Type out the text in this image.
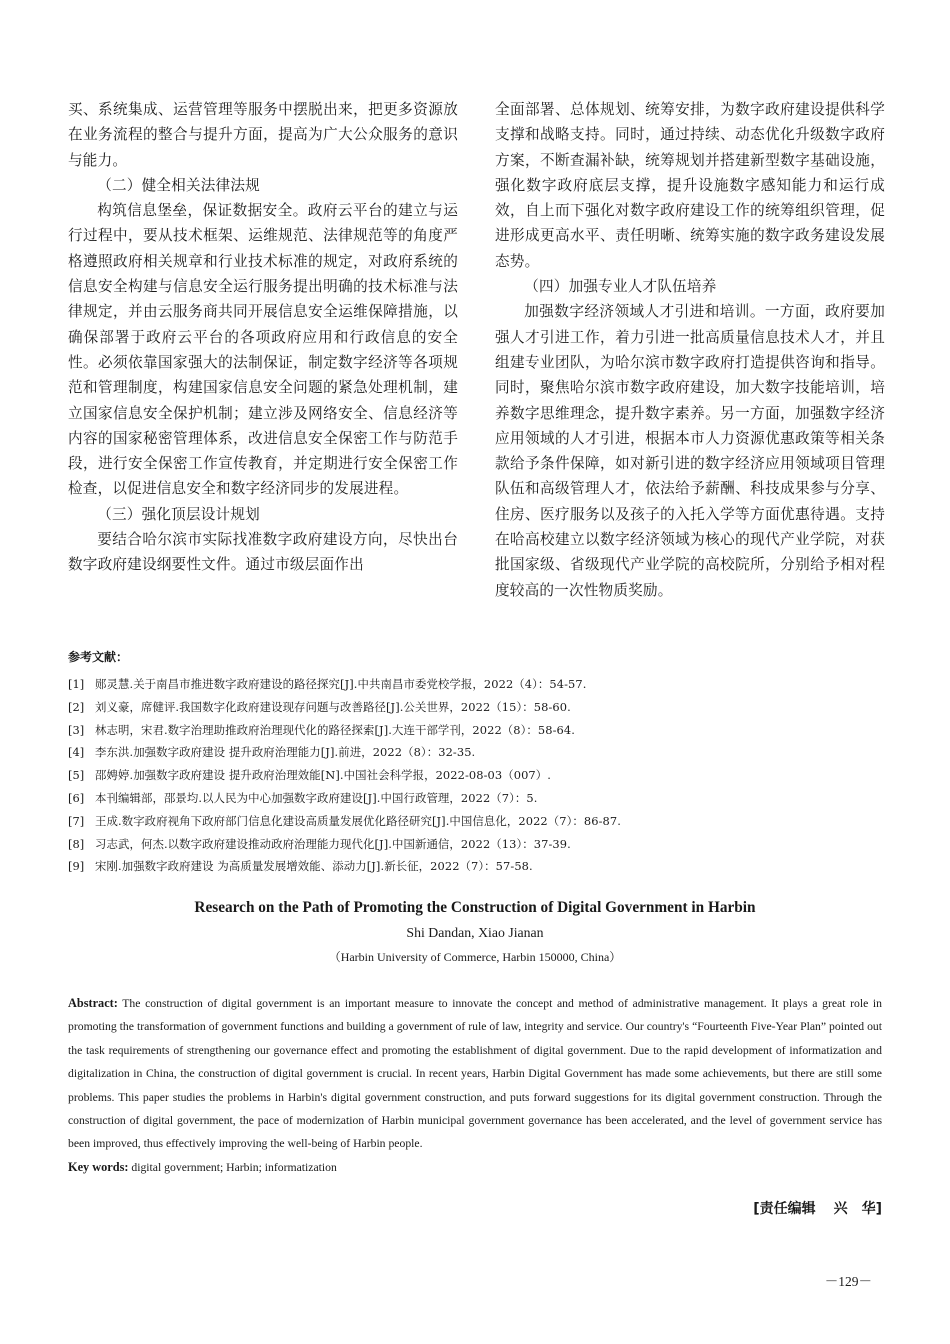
买、系统集成、运营管理等服务中摆脱出来，把更多资源放在业务流程的整合与提升方面，提高为广大公众服务的意识与能力。

（二）健全相关法律法规

构筑信息堡垒，保证数据安全。政府云平台的建立与运行过程中，要从技术框架、运维规范、法律规范等的角度严格遵照政府相关规章和行业技术标准的规定，对政府系统的信息安全构建与信息安全运行服务提出明确的技术标准与法律规定，并由云服务商共同开展信息安全运维保障措施，以确保部署于政府云平台的各项政府应用和行政信息的安全性。必须依靠国家强大的法制保证，制定数字经济等各项规范和管理制度，构建国家信息安全问题的紧急处理机制，建立国家信息安全保护机制；建立涉及网络安全、信息经济等内容的国家秘密管理体系，改进信息安全保密工作与防范手段，进行安全保密工作宣传教育，并定期进行安全保密工作检查，以促进信息安全和数字经济同步的发展进程。

（三）强化顶层设计规划

要结合哈尔滨市实际找准数字政府建设方向，尽快出台数字政府建设纲要性文件。通过市级层面作出

全面部署、总体规划、统筹安排，为数字政府建设提供科学支撑和战略支持。同时，通过持续、动态优化升级数字政府方案，不断查漏补缺，统筹规划并搭建新型数字基础设施，强化数字政府底层支撑，提升设施数字感知能力和运行成效，自上而下强化对数字政府建设工作的统筹组织管理，促进形成更高水平、责任明晰、统筹实施的数字政务建设发展态势。

（四）加强专业人才队伍培养

加强数字经济领域人才引进和培训。一方面，政府要加强人才引进工作，着力引进一批高质量信息技术人才，并且组建专业团队，为哈尔滨市数字政府打造提供咨询和指导。同时，聚焦哈尔滨市数字政府建设，加大数字技能培训，培养数字思维理念，提升数字素养。另一方面，加强数字经济应用领域的人才引进，根据本市人力资源优惠政策等相关条款给予条件保障，如对新引进的数字经济应用领域项目管理队伍和高级管理人才，依法给予薪酬、科技成果参与分享、住房、医疗服务以及孩子的入托入学等方面优惠待遇。支持在哈高校建立以数字经济领域为核心的现代产业学院，对获批国家级、省级现代产业学院的高校院所，分别给予相对程度较高的一次性物质奖励。

参考文献：
[1] 郧灵慧.关于南昌市推进数字政府建设的路径探究[J].中共南昌市委党校学报，2022（4）：54-57.
[2] 刘义豪，席健评.我国数字化政府建设现存问题与改善路径[J].公关世界，2022（15）：58-60.
[3] 林志明，宋君.数字治理助推政府治理现代化的路径探索[J].大连干部学刊，2022（8）：58-64.
[4] 李东洪.加强数字政府建设 提升政府治理能力[J].前进，2022（8）：32-35.
[5] 邵娉婷.加强数字政府建设 提升政府治理效能[N].中国社会科学报，2022-08-03（007）.
[6] 本刊编辑部，邵景均.以人民为中心加强数字政府建设[J].中国行政管理，2022（7）：5.
[7] 王成.数字政府视角下政府部门信息化建设高质量发展优化路径研究[J].中国信息化，2022（7）：86-87.
[8] 习志武，何杰.以数字政府建设推动政府治理能力现代化[J].中国新通信，2022（13）：37-39.
[9] 宋刚.加强数字政府建设 为高质量发展增效能、添动力[J].新长征，2022（7）：57-58.
Research on the Path of Promoting the Construction of Digital Government in Harbin
Shi Dandan, Xiao Jianan
（Harbin University of Commerce, Harbin 150000, China）

Abstract: The construction of digital government is an important measure to innovate the concept and method of administrative management. It plays a great role in promoting the transformation of government functions and building a government of rule of law, integrity and service. Our country's “Fourteenth Five-Year Plan” pointed out the task requirements of strengthening our governance effect and promoting the establishment of digital government. Due to the rapid development of informatization and digitalization in China, the construction of digital government is crucial. In recent years, Harbin Digital Government has made some achievements, but there are still some problems. This paper studies the problems in Harbin's digital government construction, and puts forward suggestions for its digital government construction. Through the construction of digital government, the pace of modernization of Harbin municipal government governance has been accelerated, and the level of government service has been improved, thus effectively improving the well-being of Harbin people.

Key words: digital government; Harbin; informatization

[责任编辑 兴　华]
－129－
